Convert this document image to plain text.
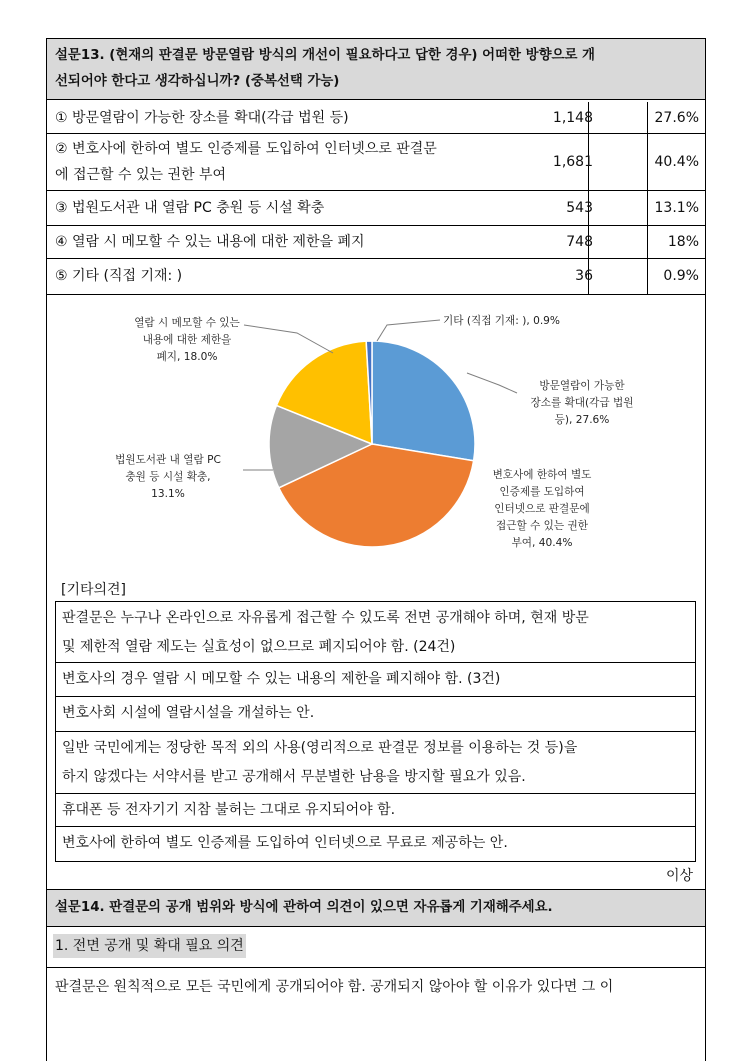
설문13. (현재의 판결문 방문열람 방식의 개선이 필요하다고 답한 경우) 어떠한 방향으로 개
선되어야 한다고 생각하십니까? (중복선택 가능)
① 방문열람이 가능한 장소를 확대(각급 법원 등)	1,148	27.6%
② 변호사에 한하여 별도 인증제를 도입하여 인터넷으로 판결문
에 접근할 수 있는 권한 부여
1,681	40.4%
③ 법원도서관 내 열람 PC 충원 등 시설 확충	543	13.1%
④ 열람 시 메모할 수 있는 내용에 대한 제한을 폐지	748	18%
⑤ 기타 (직접 기재: )	36	0.9%
열람 시 메모할 수 있는
내용에 대한 제한을
폐지, 18.0%
기타 (직접 기재: ), 0.9%
방문열람이 가능한
장소를 확대(각급 법원
등), 27.6%
변호사에 한하여 별도
인증제를 도입하여
인터넷으로 판결문에
접근할 수 있는 권한
부여, 40.4%
법원도서관 내 열람 PC
충원 등 시설 확충,
13.1%
[기타의견]
판결문은 누구나 온라인으로 자유롭게 접근할 수 있도록 전면 공개해야 하며, 현재 방문
및 제한적 열람 제도는 실효성이 없으므로 폐지되어야 함. (24건)
변호사의 경우 열람 시 메모할 수 있는 내용의 제한을 폐지해야 함. (3건)
변호사회 시설에 열람시설을 개설하는 안.
일반 국민에게는 정당한 목적 외의 사용(영리적으로 판결문 정보를 이용하는 것 등)을
하지 않겠다는 서약서를 받고 공개해서 무분별한 남용을 방지할 필요가 있음.
휴대폰 등 전자기기 지참 불허는 그대로 유지되어야 함.
변호사에 한하여 별도 인증제를 도입하여 인터넷으로 무료로 제공하는 안.
이상
설문14. 판결문의 공개 범위와 방식에 관하여 의견이 있으면 자유롭게 기재해주세요.
1. 전면 공개 및 확대 필요 의견
판결문은 원칙적으로 모든 국민에게 공개되어야 함. 공개되지 않아야 할 이유가 있다면 그 이
